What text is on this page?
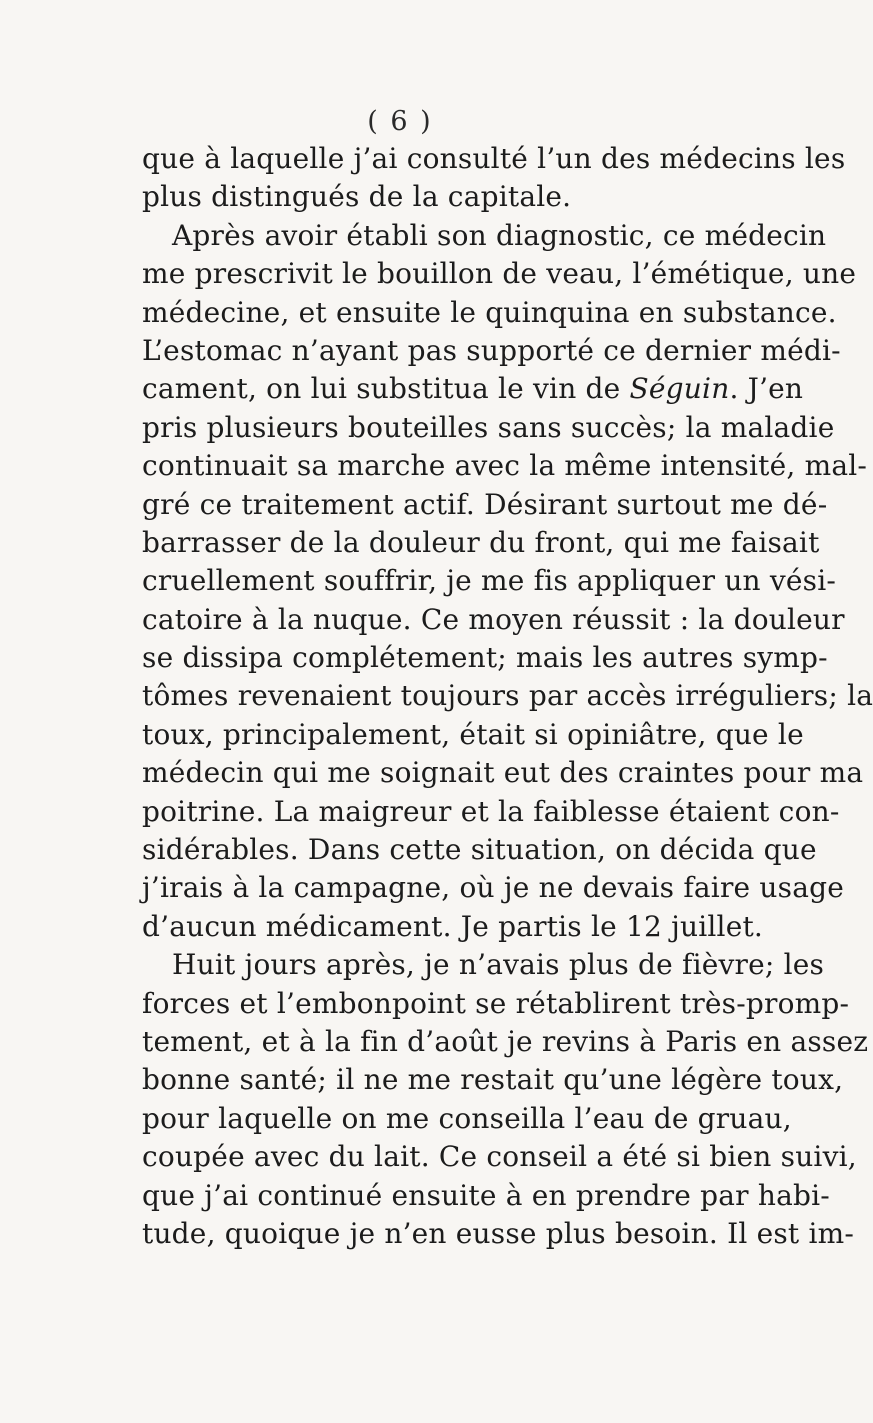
( 6 )
que à laquelle j’ai consulté l’un des médecins les
plus distingués de la capitale.
Après avoir établi son diagnostic, ce médecin
me prescrivit le bouillon de veau, l’émétique, une
médecine, et ensuite le quinquina en substance.
L’estomac n’ayant pas supporté ce dernier médi-
cament, on lui substitua le vin de Séguin. J’en
pris plusieurs bouteilles sans succès; la maladie
continuait sa marche avec la même intensité, mal-
gré ce traitement actif. Désirant surtout me dé-
barrasser de la douleur du front, qui me faisait
cruellement souffrir, je me fis appliquer un vési-
catoire à la nuque. Ce moyen réussit : la douleur
se dissipa complétement; mais les autres symp-
tômes revenaient toujours par accès irréguliers; la
toux, principalement, était si opiniâtre, que le
médecin qui me soignait eut des craintes pour ma
poitrine. La maigreur et la faiblesse étaient con-
sidérables. Dans cette situation, on décida que
j’irais à la campagne, où je ne devais faire usage
d’aucun médicament. Je partis le 12 juillet.
Huit jours après, je n’avais plus de fièvre; les
forces et l’embonpoint se rétablirent très-promp-
tement, et à la fin d’août je revins à Paris en assez
bonne santé; il ne me restait qu’une légère toux,
pour laquelle on me conseilla l’eau de gruau,
coupée avec du lait. Ce conseil a été si bien suivi,
que j’ai continué ensuite à en prendre par habi-
tude, quoique je n’en eusse plus besoin. Il est im-
